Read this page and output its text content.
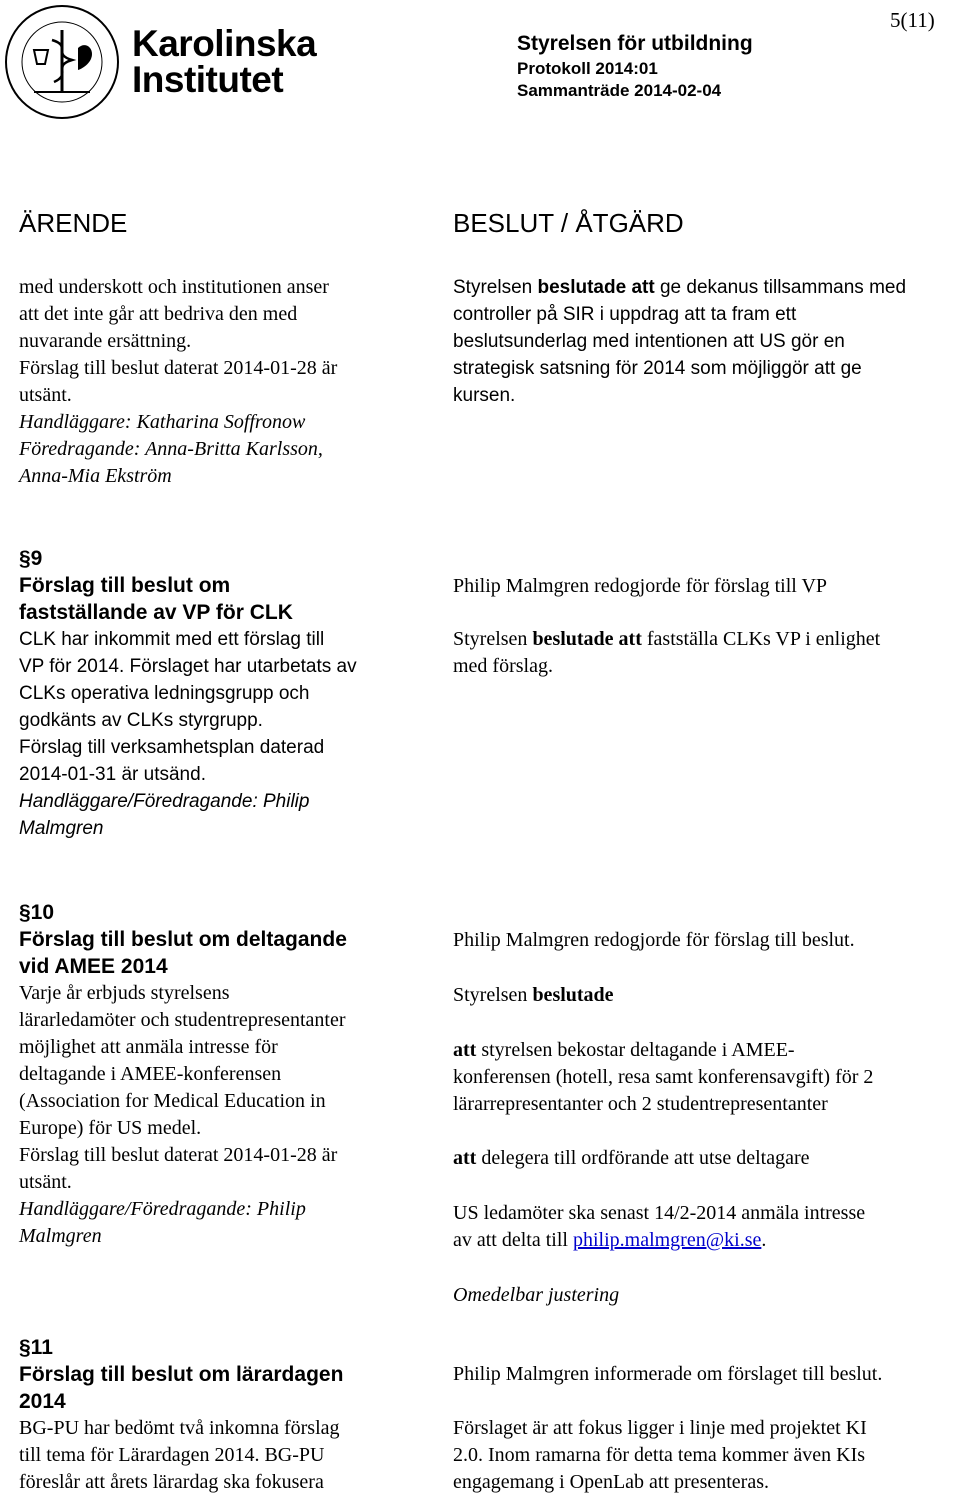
Karolinska
Institutet
Styrelsen för utbildning
Protokoll 2014:01
Sammanträde 2014-02-04
5(11)
ÄRENDE	BESLUT / ÅTGÄRD

med underskott och institutionen anser

att det inte går att bedriva den med

nuvarande ersättning.

Förslag till beslut daterat 2014-01-28 är

utsänt.

Handläggare: Katharina Soffronow

Föredragande: Anna-Britta Karlsson,

Anna-Mia Ekström

Styrelsen beslutade att ge dekanus tillsammans med

controller på SIR i uppdrag att ta fram ett

beslutsunderlag med intentionen att US gör en

strategisk satsning för 2014 som möjliggör att ge

kursen.

§9

Förslag till beslut om

fastställande av VP för CLK

CLK har inkommit med ett förslag till

VP för 2014. Förslaget har utarbetats av

CLKs operativa ledningsgrupp och

godkänts av CLKs styrgrupp.

Förslag till verksamhetsplan daterad

2014-01-31 är utsänd.

Handläggare/Föredragande: Philip

Malmgren

Philip Malmgren redogjorde för förslag till VP

Styrelsen beslutade att fastställa CLKs VP i enlighet

med förslag.

§10

Förslag till beslut om deltagande

vid AMEE 2014

Varje år erbjuds styrelsens

lärarledamöter och studentrepresentanter

möjlighet att anmäla intresse för

deltagande i AMEE-konferensen

(Association for Medical Education in

Europe) för US medel.

Förslag till beslut daterat 2014-01-28 är

utsänt.

Handläggare/Föredragande: Philip

Malmgren

Philip Malmgren redogjorde för förslag till beslut.

Styrelsen beslutade

att styrelsen bekostar deltagande i AMEE-

konferensen (hotell, resa samt konferensavgift) för 2

lärarrepresentanter och 2 studentrepresentanter

att delegera till ordförande att utse deltagare

US ledamöter ska senast 14/2-2014 anmäla intresse

av att delta till philip.malmgren@ki.se.

Omedelbar justering

§11

Förslag till beslut om lärardagen

2014

BG-PU har bedömt två inkomna förslag

till tema för Lärardagen 2014. BG-PU

föreslår att årets lärardag ska fokusera

Philip Malmgren informerade om förslaget till beslut.

Förslaget är att fokus ligger i linje med projektet KI

2.0. Inom ramarna för detta tema kommer även KIs

engagemang i OpenLab att presenteras.
